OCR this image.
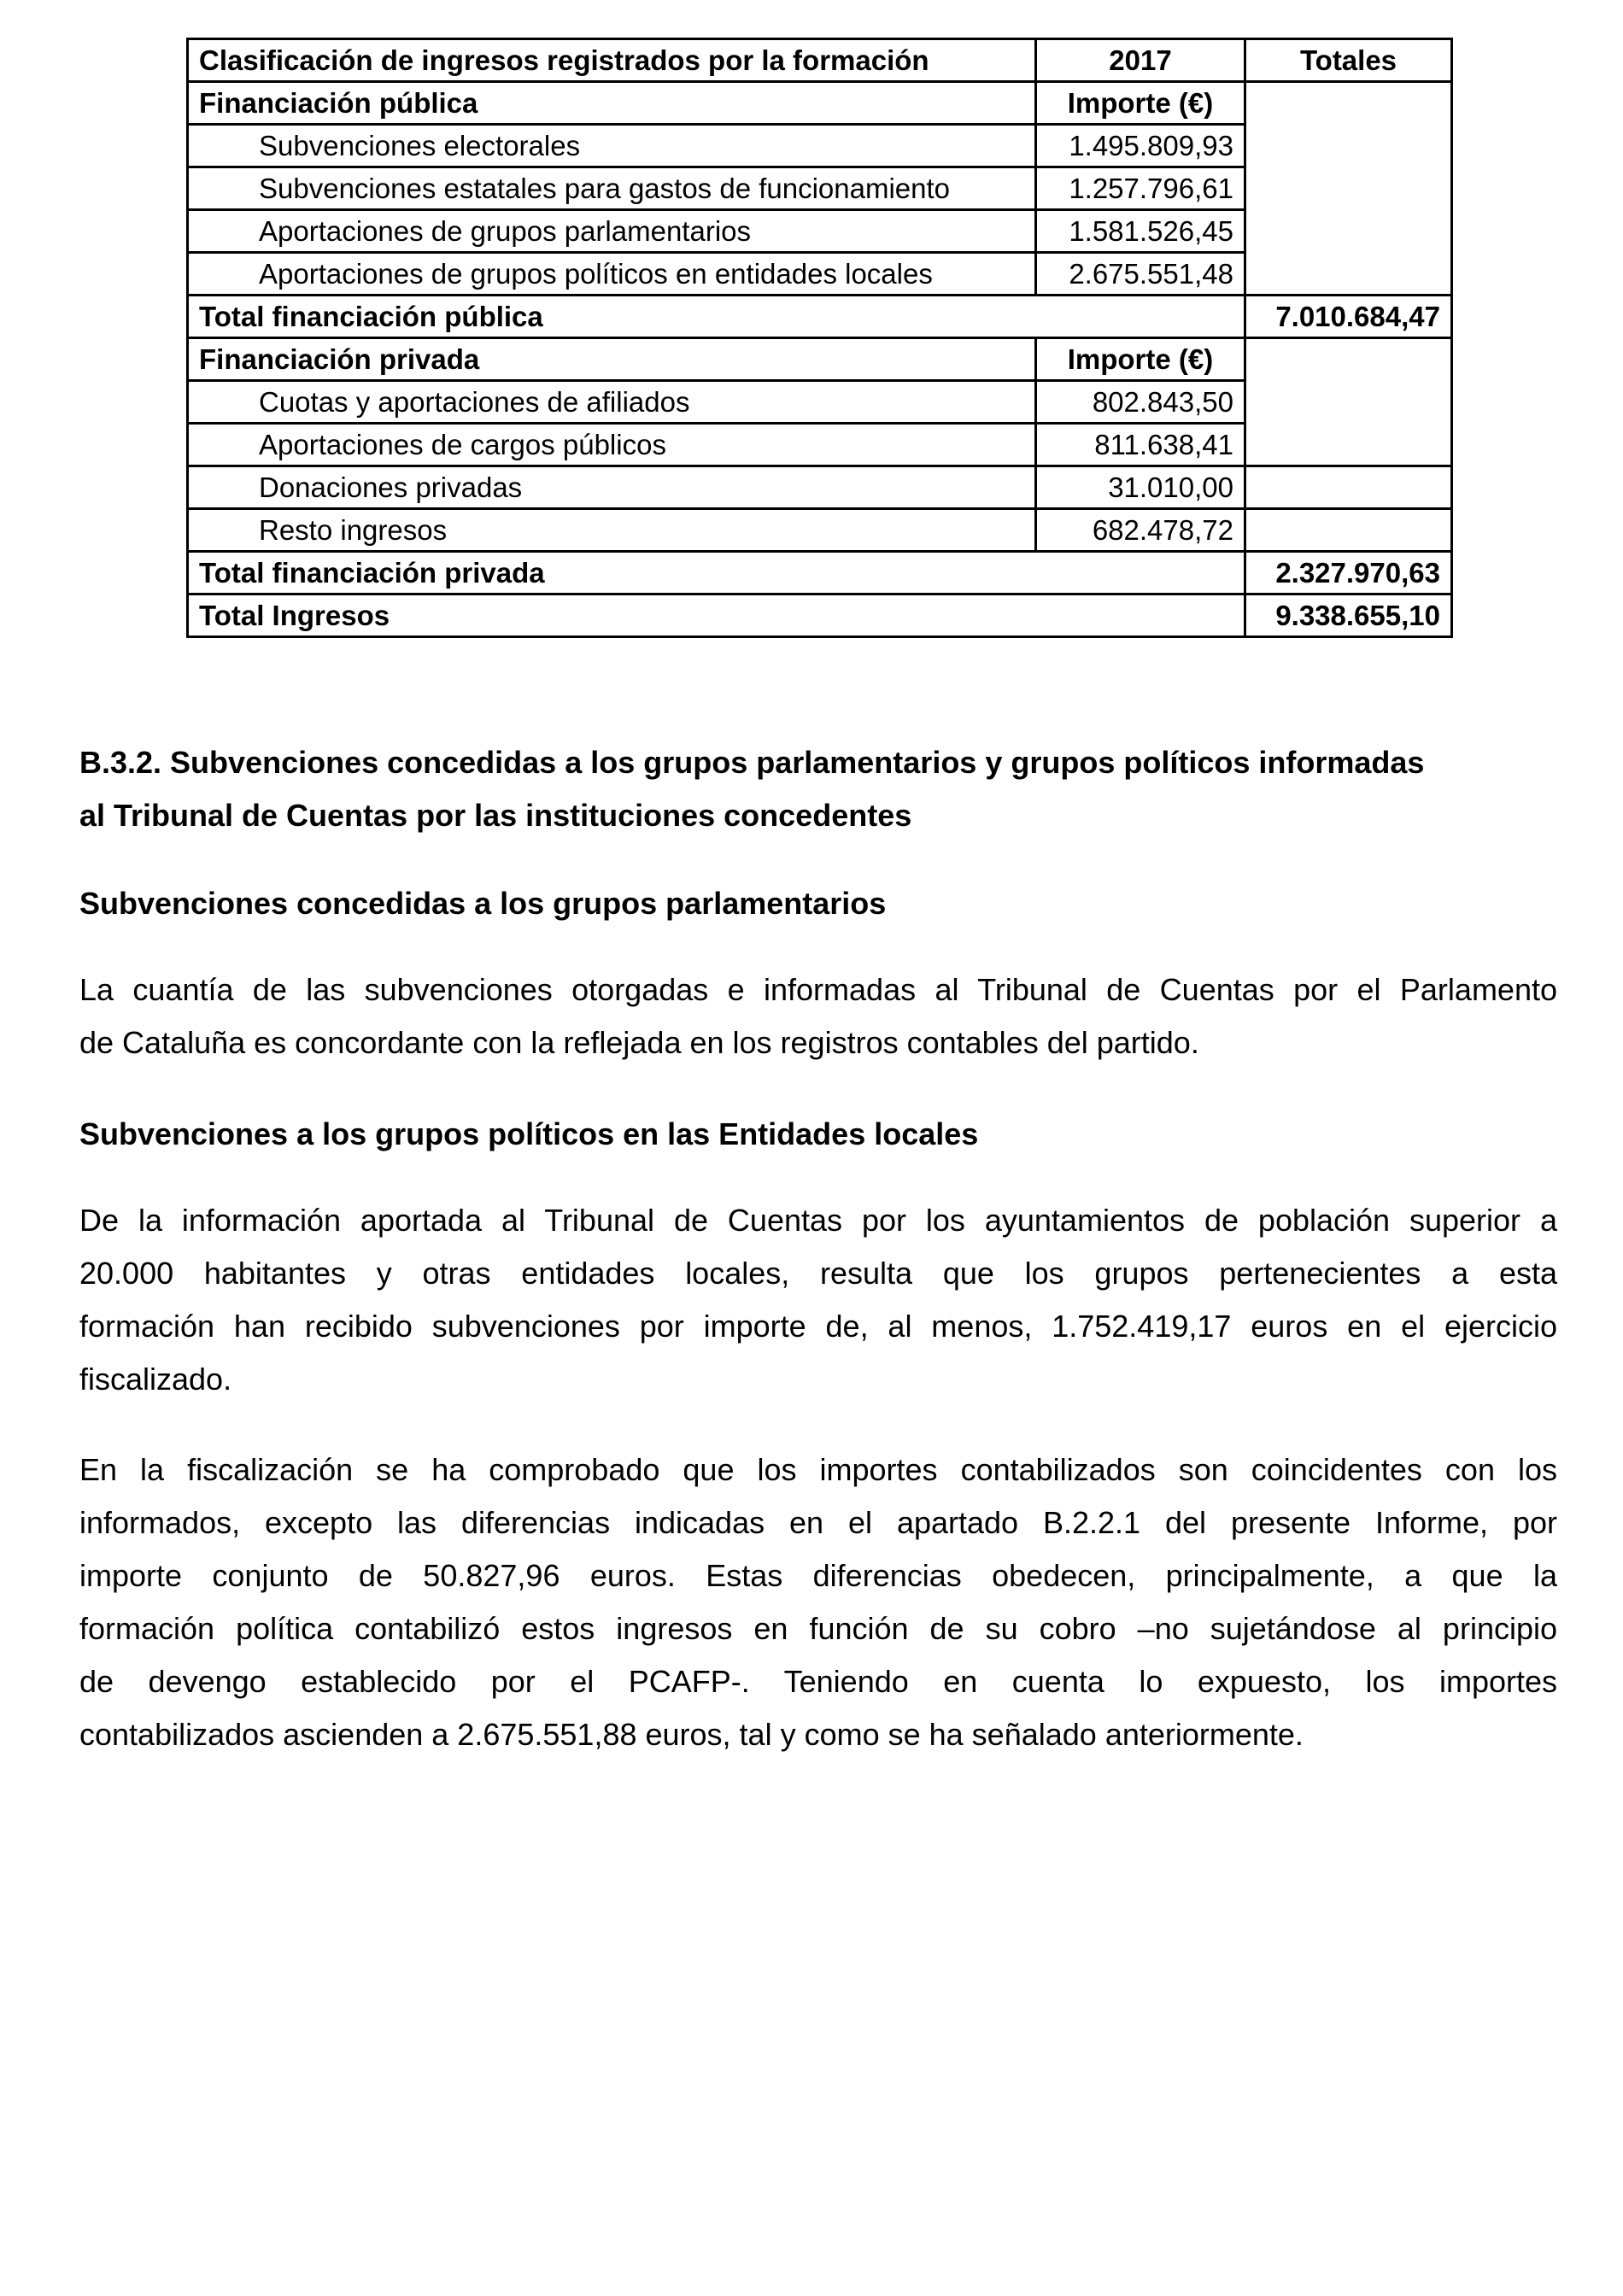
Clasificación de ingresos registrados por la formación	2017	Totales
Financiación pública	Importe (€)	
Subvenciones electorales	1.495.809,93	
Subvenciones estatales para gastos de funcionamiento	1.257.796,61	
Aportaciones de grupos parlamentarios	1.581.526,45	
Aportaciones de grupos políticos en entidades locales	2.675.551,48	
Total financiación pública		7.010.684,47
Financiación privada	Importe (€)	
Cuotas y aportaciones de afiliados	802.843,50	
Aportaciones de cargos públicos	811.638,41	
Donaciones privadas	31.010,00	
Resto ingresos	682.478,72	
Total financiación privada		2.327.970,63
Total Ingresos		9.338.655,10
B.3.2. Subvenciones concedidas a los grupos parlamentarios y grupos políticos informadas
al Tribunal de Cuentas por las instituciones concedentes
Subvenciones concedidas a los grupos parlamentarios
La cuantía de las subvenciones otorgadas e informadas al Tribunal de Cuentas por el Parlamento
de Cataluña es concordante con la reflejada en los registros contables del partido.
Subvenciones a los grupos políticos en las Entidades locales
De la información aportada al Tribunal de Cuentas por los ayuntamientos de población superior a
20.000 habitantes y otras entidades locales, resulta que los grupos pertenecientes a esta
formación han recibido subvenciones por importe de, al menos, 1.752.419,17 euros en el ejercicio
fiscalizado.
En la fiscalización se ha comprobado que los importes contabilizados son coincidentes con los
informados, excepto las diferencias indicadas en el apartado B.2.2.1 del presente Informe, por
importe conjunto de 50.827,96 euros. Estas diferencias obedecen, principalmente, a que la
formación política contabilizó estos ingresos en función de su cobro –no sujetándose al principio
de devengo establecido por el PCAFP-. Teniendo en cuenta lo expuesto, los importes
contabilizados ascienden a 2.675.551,88 euros, tal y como se ha señalado anteriormente.
